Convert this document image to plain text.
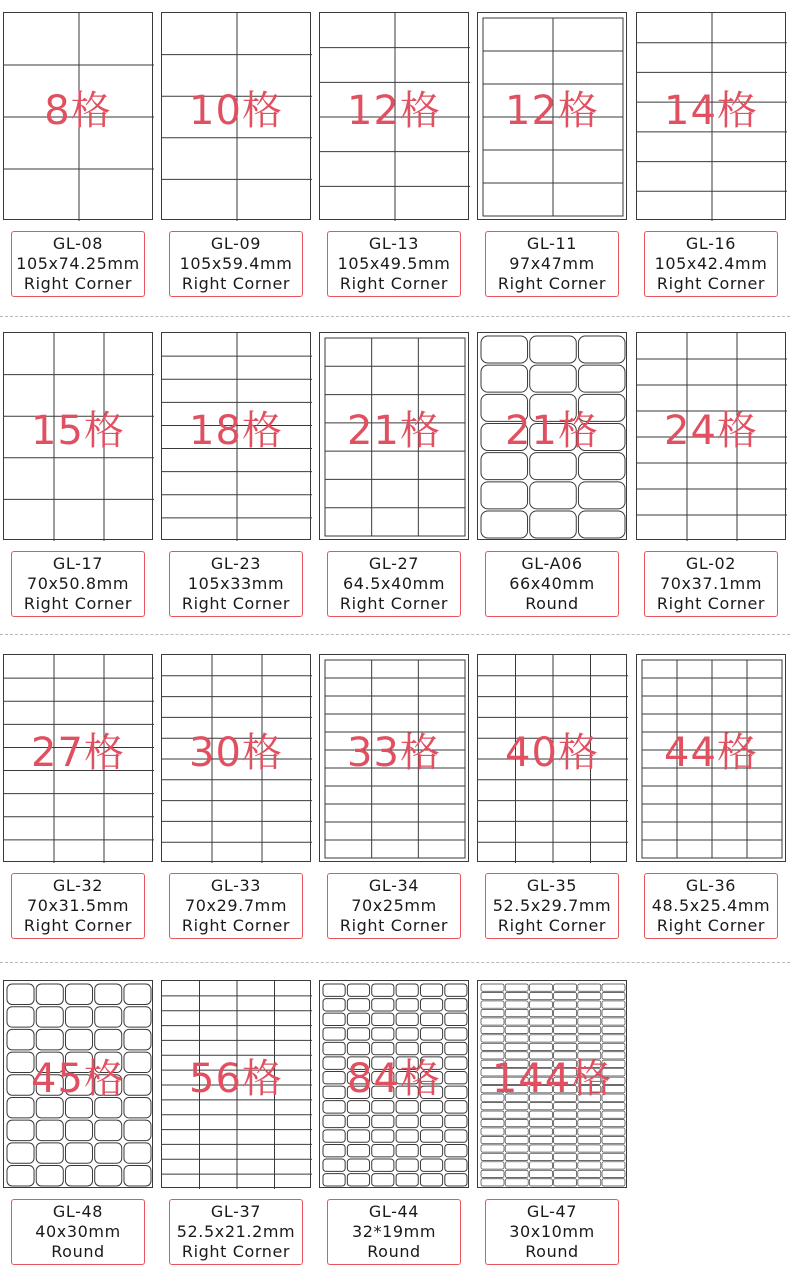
8格
GL-08
105x74.25mm
Right Corner
10格
GL-09
105x59.4mm
Right Corner
12格
GL-13
105x49.5mm
Right Corner
12格
GL-11
97x47mm
Right Corner
14格
GL-16
105x42.4mm
Right Corner
15格
GL-17
70x50.8mm
Right Corner
18格
GL-23
105x33mm
Right Corner
21格
GL-27
64.5x40mm
Right Corner
21格
GL-A06
66x40mm
Round
24格
GL-02
70x37.1mm
Right Corner
27格
GL-32
70x31.5mm
Right Corner
30格
GL-33
70x29.7mm
Right Corner
33格
GL-34
70x25mm
Right Corner
40格
GL-35
52.5x29.7mm
Right Corner
44格
GL-36
48.5x25.4mm
Right Corner
45格
GL-48
40x30mm
Round
56格
GL-37
52.5x21.2mm
Right Corner
84格
GL-44
32*19mm
Round
144格
GL-47
30x10mm
Round
